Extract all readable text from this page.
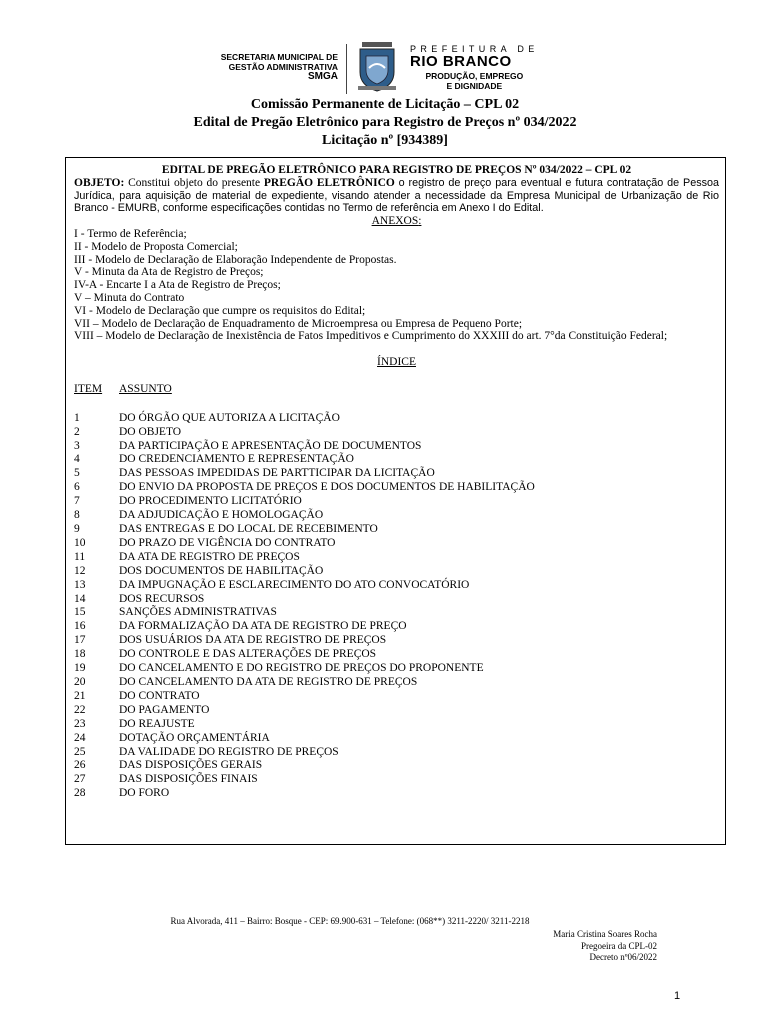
SECRETARIA MUNICIPAL DE
GESTÃO ADMINISTRATIVA
SMGA
PREFEITURA DE
RIO BRANCO
PRODUÇÃO, EMPREGO
E DIGNIDADE
Comissão Permanente de Licitação – CPL 02
Edital de Pregão Eletrônico para Registro de Preços nº 034/2022
Licitação nº [934389]
EDITAL DE PREGÃO ELETRÔNICO PARA REGISTRO DE PREÇOS Nº 034/2022 – CPL 02
OBJETO: Constitui objeto do presente PREGÃO ELETRÔNICO o registro de preço para eventual e futura contratação de Pessoa Jurídica, para aquisição de material de expediente, visando atender a necessidade da Empresa Municipal de Urbanização de Rio Branco - EMURB, conforme especificações contidas no Termo de referência em Anexo I do Edital.
ANEXOS:
I - Termo de Referência;
II - Modelo de Proposta Comercial;
III - Modelo de Declaração de Elaboração Independente de Propostas.
V - Minuta da Ata de Registro de Preços;
IV-A - Encarte I a Ata de Registro de Preços;
V – Minuta do Contrato
VI - Modelo de Declaração que cumpre os requisitos do Edital;
VII – Modelo de Declaração de Enquadramento de Microempresa ou Empresa de Pequeno Porte;
VIII – Modelo de Declaração de Inexistência de Fatos Impeditivos e Cumprimento do XXXIII do art. 7°da Constituição Federal;
ÍNDICE
ITEM	ASSUNTO
1	DO ÓRGÃO QUE AUTORIZA A LICITAÇÃO
2	DO OBJETO
3	DA PARTICIPAÇÃO E APRESENTAÇÃO DE DOCUMENTOS
4	DO CREDENCIAMENTO E REPRESENTAÇÃO
5	DAS PESSOAS IMPEDIDAS DE PARTTICIPAR DA LICITAÇÃO
6	DO ENVIO DA PROPOSTA DE PREÇOS E DOS DOCUMENTOS DE HABILITAÇÃO
7	DO PROCEDIMENTO LICITATÓRIO
8	DA ADJUDICAÇÃO E HOMOLOGAÇÃO
9	DAS ENTREGAS E DO LOCAL DE RECEBIMENTO
10	DO PRAZO DE VIGÊNCIA DO CONTRATO
11	DA ATA DE REGISTRO DE PREÇOS
12	DOS DOCUMENTOS DE HABILITAÇÃO
13	DA IMPUGNAÇÃO E ESCLARECIMENTO DO ATO CONVOCATÓRIO
14	DOS RECURSOS
15	SANÇÕES ADMINISTRATIVAS
16	DA FORMALIZAÇÃO DA ATA DE REGISTRO DE PREÇO
17	DOS USUÁRIOS DA ATA DE REGISTRO DE PREÇOS
18	DO CONTROLE E DAS ALTERAÇÕES DE PREÇOS
19	DO CANCELAMENTO E DO REGISTRO DE PREÇOS DO PROPONENTE
20	DO CANCELAMENTO DA ATA DE REGISTRO DE PREÇOS
21	DO CONTRATO
22	DO PAGAMENTO
23	DO REAJUSTE
24	DOTAÇÃO ORÇAMENTÁRIA
25	DA VALIDADE DO REGISTRO DE PREÇOS
26	DAS DISPOSIÇÕES GERAIS
27	DAS DISPOSIÇÕES FINAIS
28	DO FORO
Rua Alvorada, 411 – Bairro: Bosque - CEP: 69.900-631 – Telefone: (068**) 3211-2220/ 3211-2218
Maria Cristina Soares Rocha
Pregoeira da CPL-02
Decreto nº06/2022
1
